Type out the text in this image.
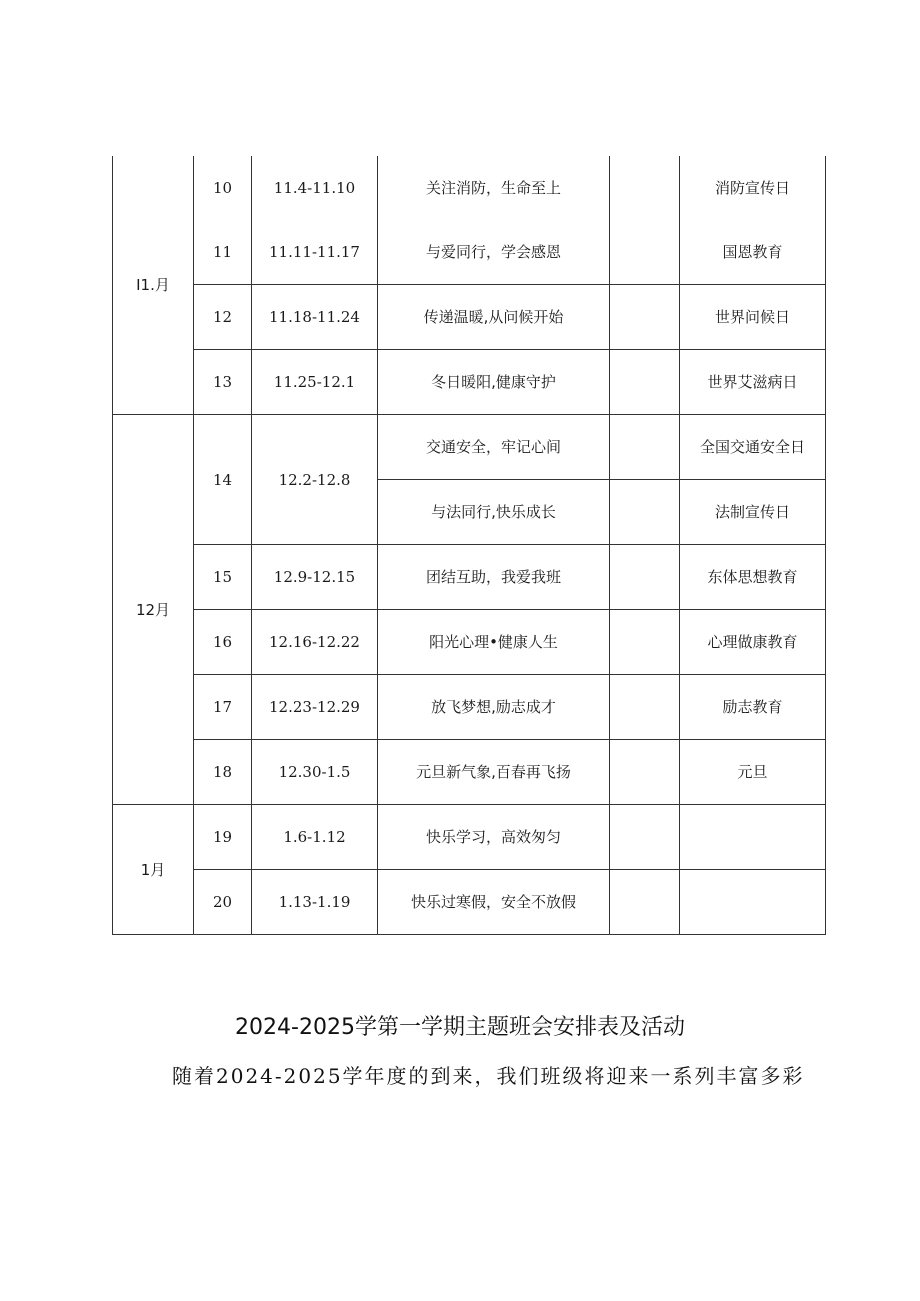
I1.月	10	11.4-11.10	关注消防，生命至上		消防宣传日
	11	11.11-11.17	与爱同行，学会感恩		国恩教育
	12	11.18-11.24	传递温暖,从问候开始		世界问候日
	13	11.25-12.1	冬日暖阳,健康守护		世界艾滋病日
12月	14	12.2-12.8	交通安全，牢记心间		全国交通安全日
			与法同行,快乐成长		法制宣传日
	15	12.9-12.15	团结互助，我爱我班		东体思想教育
	16	12.16-12.22	阳光心理•健康人生		心理做康教育
	17	12.23-12.29	放飞梦想,励志成才		励志教育
	18	12.30-1.5	元旦新气象,百春再飞扬		元旦
1月	19	1.6-1.12	快乐学习，高效匆匀		
	20	1.13-1.19	快乐过寒假，安全不放假		
2024-2025学第一学期主题班会安排表及活动
随着2024-2025学年度的到来，我们班级将迎来一系列丰富多彩
